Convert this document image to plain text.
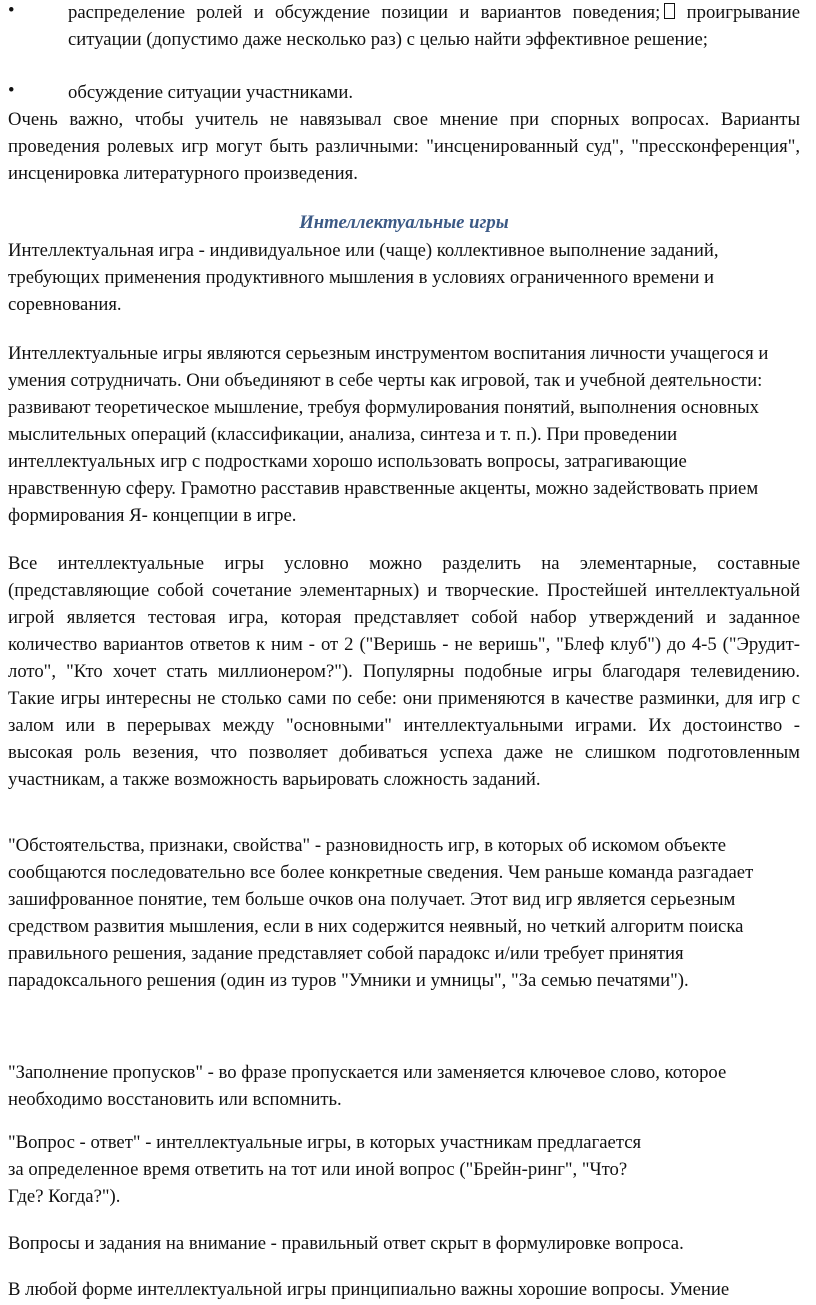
•	распределение ролей и обсуждение позиции и вариантов поведения; проигрывание ситуации (допустимо даже несколько раз) с целью найти эффективное решение;
•	обсуждение ситуации участниками.
Очень важно, чтобы учитель не навязывал свое мнение при спорных вопросах. Варианты проведения ролевых игр могут быть различными: "инсценированный суд", "прессконференция", инсценировка литературного произведения.
Интеллектуальные игры
Интеллектуальная игра - индивидуальное или (чаще) коллективное выполнение заданий, требующих применения продуктивного мышления в условиях ограниченного времени и соревнования.
Интеллектуальные игры являются серьезным инструментом воспитания личности учащегося и умения сотрудничать. Они объединяют в себе черты как игровой, так и учебной деятельности: развивают теоретическое мышление, требуя формулирования понятий, выполнения основных мыслительных операций (классификации, анализа, синтеза и т. п.). При проведении интеллектуальных игр с подростками хорошо использовать вопросы, затрагивающие нравственную сферу. Грамотно расставив нравственные акценты, можно задействовать прием формирования Я- концепции в игре.
Все интеллектуальные игры условно можно разделить на элементарные, составные (представляющие собой сочетание элементарных) и творческие. Простейшей интеллектуальной игрой является тестовая игра, которая представляет собой набор утверждений и заданное количество вариантов ответов к ним - от 2 ("Веришь - не веришь", "Блеф клуб") до 4-5 ("Эрудит- лото", "Кто хочет стать миллионером?"). Популярны подобные игры благодаря телевидению. Такие игры интересны не столько сами по себе: они применяются в качестве разминки, для игр с залом или в перерывах между "основными" интеллектуальными играми. Их достоинство - высокая роль везения, что позволяет добиваться успеха даже не слишком подготовленным участникам, а также возможность варьировать сложность заданий.
"Обстоятельства, признаки, свойства" - разновидность игр, в которых об искомом объекте сообщаются последовательно все более конкретные сведения. Чем раньше команда разгадает зашифрованное понятие, тем больше очков она получает. Этот вид игр является серьезным средством развития мышления, если в них содержится неявный, но четкий алгоритм поиска правильного решения, задание представляет собой парадокс и/или требует принятия парадоксального решения (один из туров "Умники и умницы", "За семью печатями").
"Заполнение пропусков" - во фразе пропускается или заменяется ключевое слово, которое необходимо восстановить или вспомнить.
"Вопрос - ответ" - интеллектуальные игры, в которых участникам предлагается
за определенное время ответить на тот или иной вопрос ("Брейн-ринг", "Что?
Где? Когда?").
Вопросы и задания на внимание - правильный ответ скрыт в формулировке вопроса.
В любой форме интеллектуальной игры принципиально важны хорошие вопросы. Умение
